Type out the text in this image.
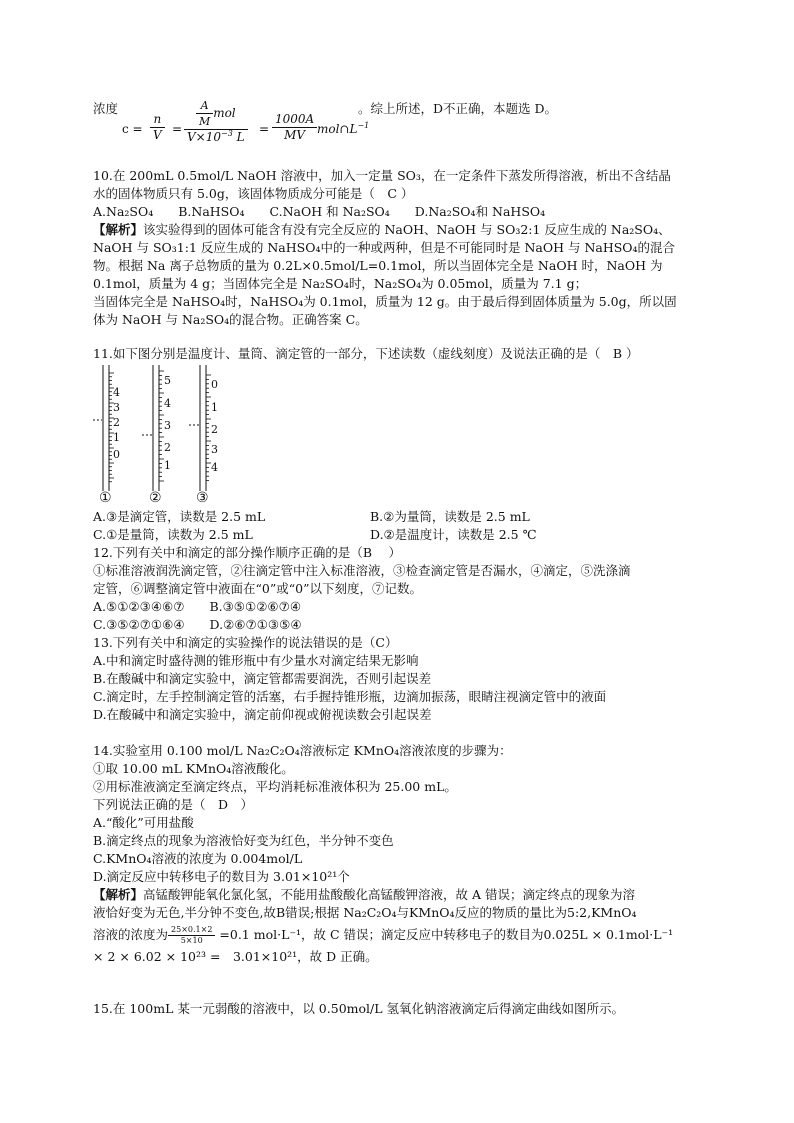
浓度
$c = \frac{n}{V} = \frac{A}{M}$ mol
$V\times 10^{-3}$ L
= $\frac{1000A}{MV}$ $mol\cap L^{-1}$
。综上所述，D不正确，本题选 D。
10.在 200mL 0.5mol/L NaOH 溶液中，加入一定量 SO₃，在一定条件下蒸发所得溶液，析出不含结晶
水的固体物质只有 5.0g，该固体物质成分可能是（　C ）
A.Na₂SO₄　　B.NaHSO₄　　C.NaOH 和 Na₂SO₄　　D.Na₂SO₄和 NaHSO₄
【解析】该实验得到的固体可能含有没有完全反应的 NaOH、NaOH 与 SO₃2:1 反应生成的 Na₂SO₄、
NaOH 与 SO₃1:1 反应生成的 NaHSO₄中的一种或两种，但是不可能同时是 NaOH 与 NaHSO₄的混合
物。根据 Na 离子总物质的量为 0.2L×0.5mol/L=0.1mol，所以当固体完全是 NaOH 时，NaOH 为
0.1mol，质量为 4 g；当固体完全是 Na₂SO₄时，Na₂SO₄为 0.05mol，质量为 7.1 g；
当固体完全是 NaHSO₄时，NaHSO₄为 0.1mol，质量为 12 g。由于最后得到固体质量为 5.0g，所以固
体为 NaOH 与 Na₂SO₄的混合物。正确答案 C。
11.如下图分别是温度计、量筒、滴定管的一部分，下述读数（虚线刻度）及说法正确的是（　B ）
4
3
2
1
0
5
4
3
2
1
0
1
2
3
4
①	② ③
A.③是滴定管，读数是 2.5 mL	B.②为量筒，读数是 2.5 mL
C.①是量筒，读数为 2.5 mL	D.②是温度计，读数是 2.5 ℃
12.下列有关中和滴定的部分操作顺序正确的是（B　 ）
①标准溶液润洗滴定管，②往滴定管中注入标准溶液，③检查滴定管是否漏水，④滴定，⑤洗涤滴
定管，⑥调整滴定管中液面在“0”或“0”以下刻度，⑦记数。
A.⑤①②③④⑥⑦　　B.③⑤①②⑥⑦④
C.③⑤②⑦①⑥④　　D.②⑥⑦①③⑤④
13.下列有关中和滴定的实验操作的说法错误的是（C）
A.中和滴定时盛待测的锥形瓶中有少量水对滴定结果无影响
B.在酸碱中和滴定实验中，滴定管都需要润洗，否则引起误差
C.滴定时，左手控制滴定管的活塞，右手握持锥形瓶，边滴加振荡，眼睛注视滴定管中的液面
D.在酸碱中和滴定实验中，滴定前仰视或俯视读数会引起误差
14.实验室用 0.100 mol/L Na₂C₂O₄溶液标定 KMnO₄溶液浓度的步骤为：
①取 10.00 mL KMnO₄溶液酸化。
②用标准液滴定至滴定终点，平均消耗标准液体积为 25.00 mL。
下列说法正确的是（　D　）
A.“酸化”可用盐酸
B.滴定终点的现象为溶液恰好变为红色，半分钟不变色
C.KMnO₄溶液的浓度为 0.004mol/L
D.滴定反应中转移电子的数目为 3.01×10²¹个
【解析】高锰酸钾能氧化氯化氢，不能用盐酸酸化高锰酸钾溶液，故 A 错误；滴定终点的现象为溶
液恰好变为无色,半分钟不变色,故B错误;根据 Na₂C₂O₄与KMnO₄反应的物质的量比为5:2,KMnO₄
溶液的浓度为 $\frac{25\times 0.1\times 2}{5\times 10} =0.1$ mol·L⁻¹，故 C 错误；滴定反应中转移电子的数目为0.025L × 0.1mol·L⁻¹
× 2 × 6.02 × 10²³ =　3.01×10²¹，故 D 正确。
15.在 100mL 某一元弱酸的溶液中，以 0.50mol/L 氢氧化钠溶液滴定后得滴定曲线如图所示。
